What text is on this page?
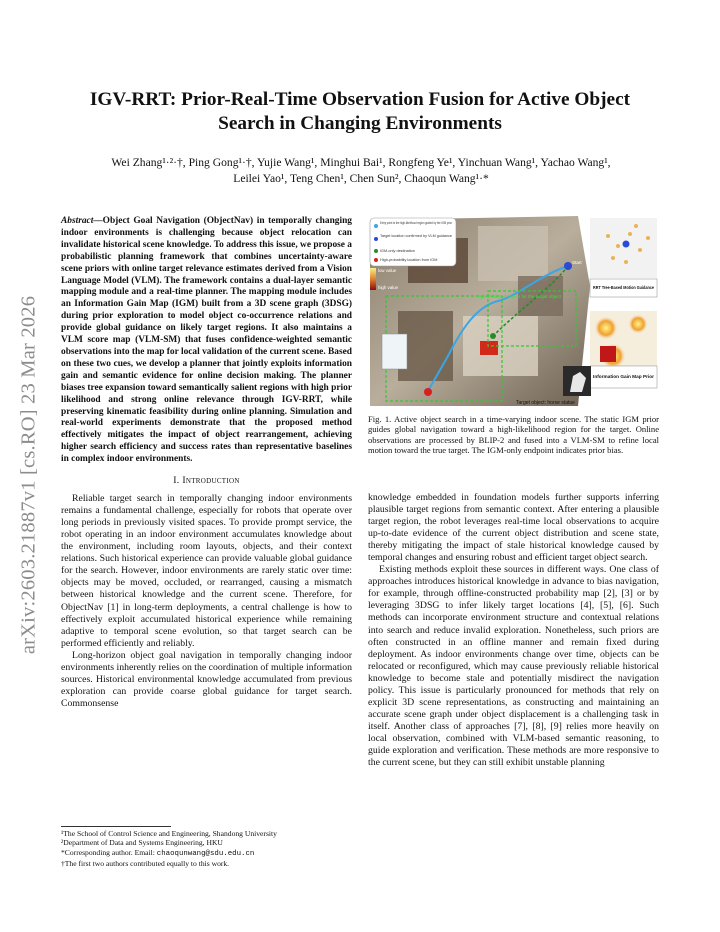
arXiv:2603.21887v1 [cs.RO] 23 Mar 2026
IGV-RRT: Prior-Real-Time Observation Fusion for Active Object Search in Changing Environments
Wei Zhang¹·²·†, Ping Gong¹·†, Yujie Wang¹, Minghui Bai¹, Rongfeng Ye¹, Yinchuan Wang¹, Yachao Wang¹,
Leilei Yao¹, Teng Chen¹, Chen Sun², Chaoqun Wang¹·*

Abstract—Object Goal Navigation (ObjectNav) in temporally changing indoor environments is challenging because object relocation can invalidate historical scene knowledge. To address this issue, we propose a probabilistic planning framework that combines uncertainty-aware scene priors with online target relevance estimates derived from a Vision Language Model (VLM). The framework contains a dual-layer semantic mapping module and a real-time planner. The mapping module includes an Information Gain Map (IGM) built from a 3D scene graph (3DSG) during prior exploration to model object co-occurrence relations and provide global guidance on likely target regions. It also maintains a VLM score map (VLM-SM) that fuses confidence-weighted semantic observations into the map for local validation of the current scene. Based on these two cues, we develop a planner that jointly exploits information gain and semantic evidence for online decision making. The planner biases tree expansion toward semantically salient regions with high prior likelihood and strong online relevance through IGV-RRT, while preserving kinematic feasibility during online planning. Simulation and real-world experiments demonstrate that the proposed method effectively mitigates the impact of object rearrangement, achieving higher search efficiency and success rates than representative baselines in complex indoor environments.

I. Introduction

Reliable target search in temporally changing indoor environments remains a fundamental challenge, especially for robots that operate over long periods in previously visited spaces. To provide prompt service, the robot operating in an indoor environment accumulates knowledge about the environment, including room layouts, objects, and their context relations. Such historical experience can provide valuable global guidance for the search. However, indoor environments are rarely static over time: objects may be moved, occluded, or rearranged, causing a mismatch between historical knowledge and the current scene. Therefore, for ObjectNav [1] in long-term deployments, a central challenge is how to effectively exploit accumulated historical experience while remaining adaptive to temporal scene evolution, so that target search can be performed efficiently and reliably.

Long-horizon object goal navigation in temporally changing indoor environments inherently relies on the coordination of multiple information sources. Historical environmental knowledge accumulated from previous exploration can provide coarse global guidance for target search. Commonsense

¹The School of Control Science and Engineering, Shandong University
²Department of Data and Systems Engineering, HKU
*Corresponding author. Email: chaoqunwang@sdu.edu.cn
†The first two authors contributed equally to this work.
Entry point to the high-likelihood region guided by the IGM prior
Target location confirmed by VLM guidance
IGM-only destination
High-probability location from IGM
low value
high value
High-likelihood region for the target object
Start
RRT Tree-Based Motion Guidance
Information Gain Map Prior
Target object: horse statue
Fig. 1. Active object search in a time-varying indoor scene. The static IGM prior guides global navigation toward a high-likelihood region for the target. Online observations are processed by BLIP-2 and fused into a VLM-SM to refine local motion toward the true target. The IGM-only endpoint indicates prior bias.

knowledge embedded in foundation models further supports inferring plausible target regions from semantic context. After entering a plausible target region, the robot leverages real-time local observations to acquire up-to-date evidence of the current object distribution and scene state, thereby mitigating the impact of stale historical knowledge caused by temporal changes and ensuring robust and efficient target object search.

Existing methods exploit these sources in different ways. One class of approaches introduces historical knowledge in advance to bias navigation, for example, through offline-constructed probability map [2], [3] or by leveraging 3DSG to infer likely target locations [4], [5], [6]. Such methods can incorporate environment structure and contextual relations into search and reduce invalid exploration. Nonetheless, such priors are often constructed in an offline manner and remain fixed during deployment. As indoor environments change over time, objects can be relocated or reconfigured, which may cause previously reliable historical knowledge to become stale and potentially misdirect the navigation policy. This issue is particularly pronounced for methods that rely on explicit 3D scene representations, as constructing and maintaining an accurate scene graph under object displacement is a challenging task in itself. Another class of approaches [7], [8], [9] relies more heavily on local observation, combined with VLM-based semantic reasoning, to guide exploration and verification. These methods are more responsive to the current scene, but they can still exhibit unstable planning
